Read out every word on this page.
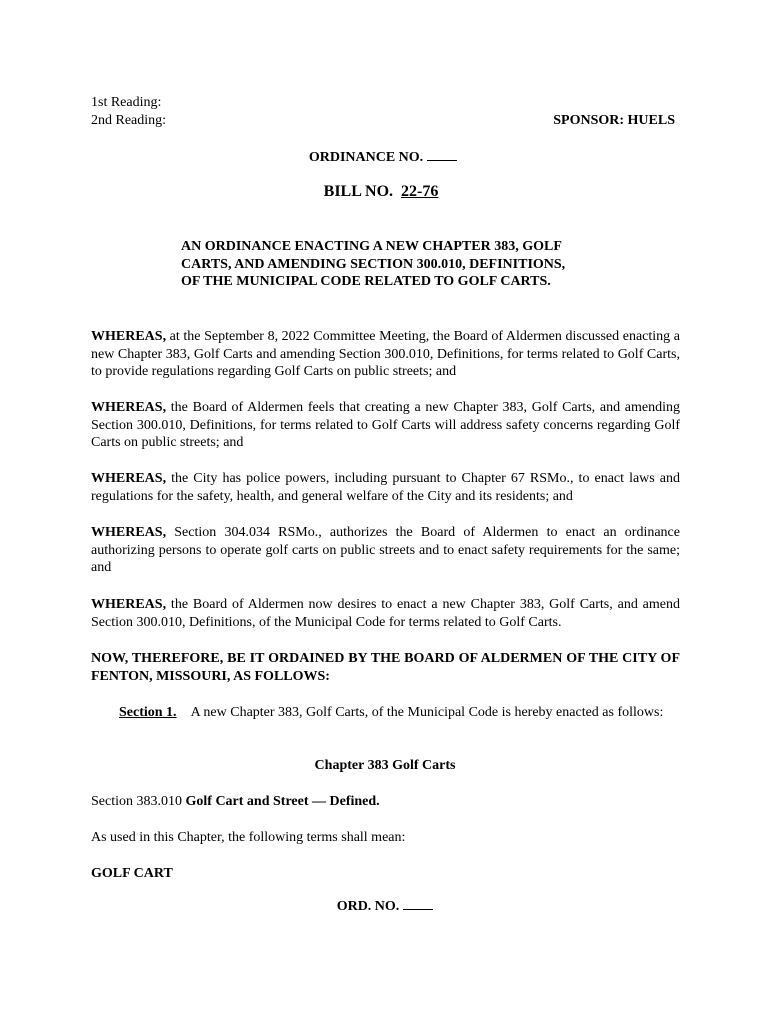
1st Reading:
2nd Reading:	SPONSOR: HUELS
ORDINANCE NO.
BILL NO. 22-76
AN ORDINANCE ENACTING A NEW CHAPTER 383, GOLF
CARTS, AND AMENDING SECTION 300.010, DEFINITIONS,
OF THE MUNICIPAL CODE RELATED TO GOLF CARTS.
WHEREAS, at the September 8, 2022 Committee Meeting, the Board of Aldermen discussed enacting a new Chapter 383, Golf Carts and amending Section 300.010, Definitions, for terms related to Golf Carts, to provide regulations regarding Golf Carts on public streets; and
WHEREAS, the Board of Aldermen feels that creating a new Chapter 383, Golf Carts, and amending Section 300.010, Definitions, for terms related to Golf Carts will address safety concerns regarding Golf Carts on public streets; and
WHEREAS, the City has police powers, including pursuant to Chapter 67 RSMo., to enact laws and regulations for the safety, health, and general welfare of the City and its residents; and
WHEREAS, Section 304.034 RSMo., authorizes the Board of Aldermen to enact an ordinance authorizing persons to operate golf carts on public streets and to enact safety requirements for the same; and
WHEREAS, the Board of Aldermen now desires to enact a new Chapter 383, Golf Carts, and amend Section 300.010, Definitions, of the Municipal Code for terms related to Golf Carts.
NOW, THEREFORE, BE IT ORDAINED BY THE BOARD OF ALDERMEN OF THE CITY OF FENTON, MISSOURI, AS FOLLOWS:
Section 1. A new Chapter 383, Golf Carts, of the Municipal Code is hereby enacted as follows:
Chapter 383 Golf Carts
Section 383.010 Golf Cart and Street — Defined.
As used in this Chapter, the following terms shall mean:
GOLF CART
ORD. NO.
